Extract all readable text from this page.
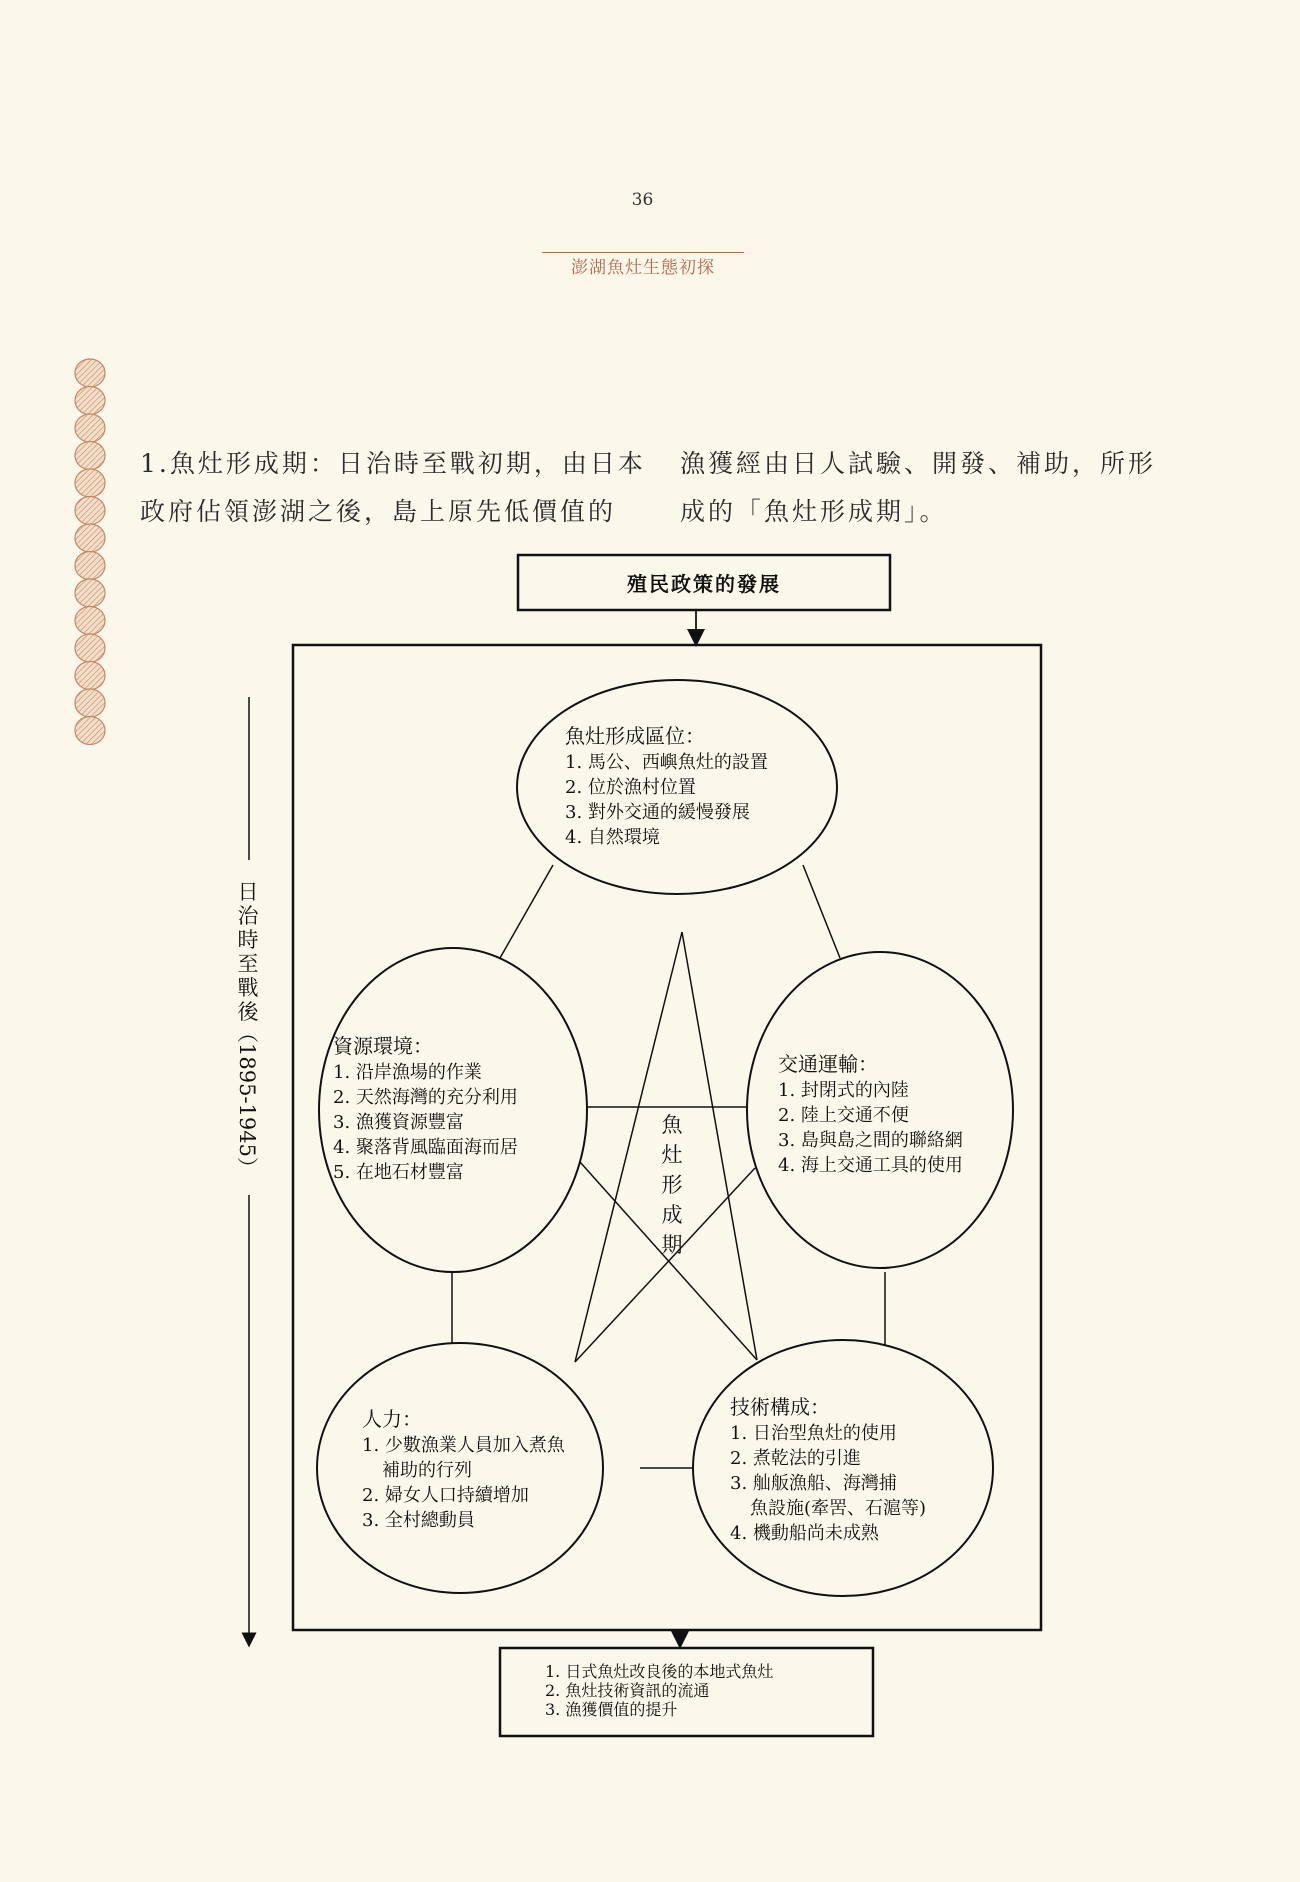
36
澎湖魚灶生態初探
1.魚灶形成期：日治時至戰初期，由日本
政府佔領澎湖之後，島上原先低價值的
漁獲經由日人試驗、開發、補助，所形
成的「魚灶形成期」。
殖民政策的發展
魚
灶
形
成
期
日
治
時
至
戰
後
（1895-1945）
魚灶形成區位：
1. 馬公、西嶼魚灶的設置
2. 位於漁村位置
3. 對外交通的緩慢發展
4. 自然環境
資源環境：
1. 沿岸漁場的作業
2. 天然海灣的充分利用
3. 漁獲資源豐富
4. 聚落背風臨面海而居
5. 在地石材豐富
交通運輸：
1. 封閉式的內陸
2. 陸上交通不便
3. 島與島之間的聯絡網
4. 海上交通工具的使用
人力：
1. 少數漁業人員加入煮魚
補助的行列
2. 婦女人口持續增加
3. 全村總動員
技術構成：
1. 日治型魚灶的使用
2. 煮乾法的引進
3. 舢舨漁船、海灣捕
魚設施(牽罟、石滬等)
4. 機動船尚未成熟
1. 日式魚灶改良後的本地式魚灶
2. 魚灶技術資訊的流通
3. 漁獲價值的提升
